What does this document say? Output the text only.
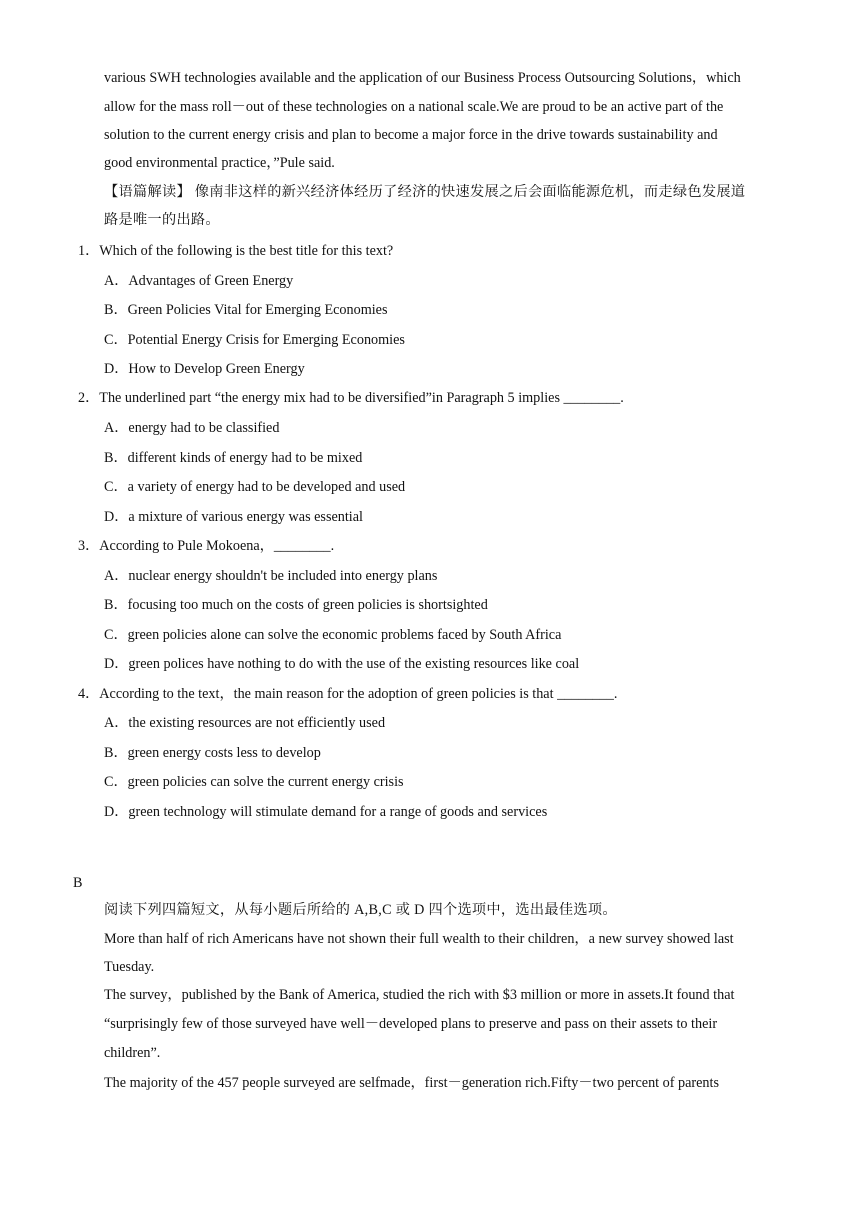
various SWH technologies available and the application of our Business Process Outsourcing Solutions，which
allow for the mass roll－out of these technologies on a national scale.We are proud to be an active part of the
solution to the current energy crisis and plan to become a major force in the drive towards sustainability and
good environmental practice，”Pule said.
【语篇解读】 像南非这样的新兴经济体经历了经济的快速发展之后会面临能源危机，而走绿色发展道
路是唯一的出路。
1．Which of the following is the best title for this text?
A．Advantages of Green Energy
B．Green Policies Vital for Emerging Economies
C．Potential Energy Crisis for Emerging Economies
D．How to Develop Green Energy
2．The underlined part “the energy mix had to be diversified”in Paragraph 5 implies ________.
A．energy had to be classified
B．different kinds of energy had to be mixed
C．a variety of energy had to be developed and used
D．a mixture of various energy was essential
3．According to Pule Mokoena，________.
A．nuclear energy shouldn't be included into energy plans
B．focusing too much on the costs of green policies is shortsighted
C．green policies alone can solve the economic problems faced by South Africa
D．green polices have nothing to do with the use of the existing resources like coal
4．According to the text，the main reason for the adoption of green policies is that ________.
A．the existing resources are not efficiently used
B．green energy costs less to develop
C．green policies can solve the current energy crisis
D．green technology will stimulate demand for a range of goods and services
B
阅读下列四篇短文，从每小题后所给的 A,B,C 或 D 四个选项中，选出最佳选项。
More than half of rich Americans have not shown their full wealth to their children，a new survey showed last
Tuesday.
The survey，published by the Bank of America, studied the rich with $3 million or more in assets.It found that
“surprisingly few of those surveyed have well－developed plans to preserve and pass on their assets to their
children”.
The majority of the 457 people surveyed are selfmade，first－generation rich.Fifty－two percent of parents
